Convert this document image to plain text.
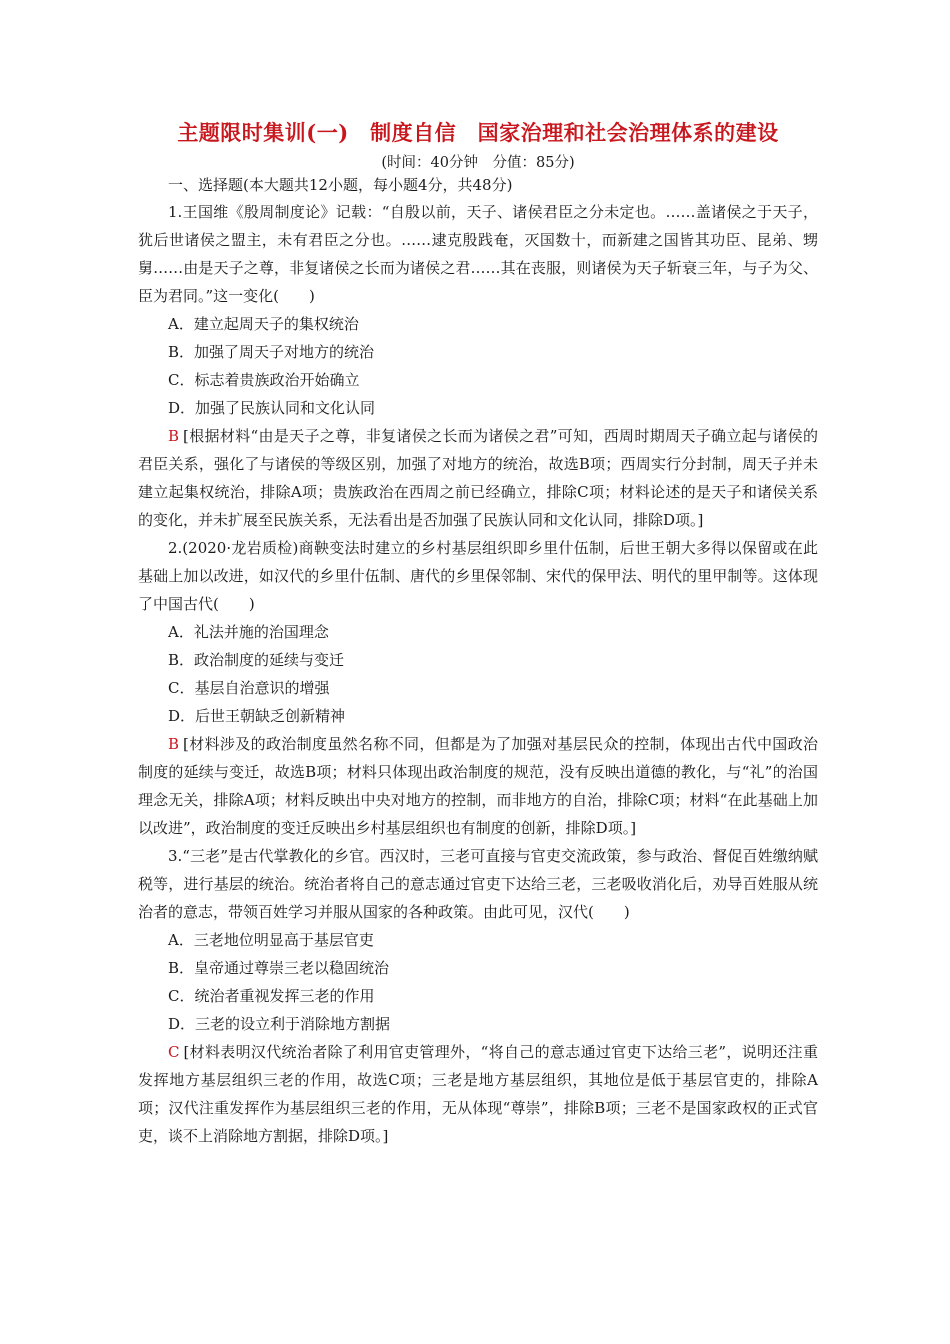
主题限时集训(一)　制度自信　国家治理和社会治理体系的建设
(时间：40分钟　分值：85分)
一、选择题(本大题共12小题，每小题4分，共48分)

1.王国维《殷周制度论》记载：“自殷以前，天子、诸侯君臣之分未定也。……盖诸侯之于天子，犹后世诸侯之盟主，未有君臣之分也。……逮克殷践奄，灭国数十，而新建之国皆其功臣、昆弟、甥舅……由是天子之尊，非复诸侯之长而为诸侯之君……其在丧服，则诸侯为天子斩衰三年，与子为父、臣为君同。”这一变化(　　)

A．建立起周天子的集权统治
B．加强了周天子对地方的统治
C．标志着贵族政治开始确立
D．加强了民族认同和文化认同

B [根据材料“由是天子之尊，非复诸侯之长而为诸侯之君”可知，西周时期周天子确立起与诸侯的君臣关系，强化了与诸侯的等级区别，加强了对地方的统治，故选B项；西周实行分封制，周天子并未建立起集权统治，排除A项；贵族政治在西周之前已经确立，排除C项；材料论述的是天子和诸侯关系的变化，并未扩展至民族关系，无法看出是否加强了民族认同和文化认同，排除D项。]

2.(2020·龙岩质检)商鞅变法时建立的乡村基层组织即乡里什伍制，后世王朝大多得以保留或在此基础上加以改进，如汉代的乡里什伍制、唐代的乡里保邻制、宋代的保甲法、明代的里甲制等。这体现了中国古代(　　)

A．礼法并施的治国理念
B．政治制度的延续与变迁
C．基层自治意识的增强
D．后世王朝缺乏创新精神

B [材料涉及的政治制度虽然名称不同，但都是为了加强对基层民众的控制，体现出古代中国政治制度的延续与变迁，故选B项；材料只体现出政治制度的规范，没有反映出道德的教化，与“礼”的治国理念无关，排除A项；材料反映出中央对地方的控制，而非地方的自治，排除C项；材料“在此基础上加以改进”，政治制度的变迁反映出乡村基层组织也有制度的创新，排除D项。]

3.“三老”是古代掌教化的乡官。西汉时，三老可直接与官吏交流政策，参与政治、督促百姓缴纳赋税等，进行基层的统治。统治者将自己的意志通过官吏下达给三老，三老吸收消化后，劝导百姓服从统治者的意志，带领百姓学习并服从国家的各种政策。由此可见，汉代(　　)

A．三老地位明显高于基层官吏
B．皇帝通过尊崇三老以稳固统治
C．统治者重视发挥三老的作用
D．三老的设立利于消除地方割据

C [材料表明汉代统治者除了利用官吏管理外，“将自己的意志通过官吏下达给三老”，说明还注重发挥地方基层组织三老的作用，故选C项；三老是地方基层组织，其地位是低于基层官吏的，排除A项；汉代注重发挥作为基层组织三老的作用，无从体现“尊崇”，排除B项；三老不是国家政权的正式官吏，谈不上消除地方割据，排除D项。]
